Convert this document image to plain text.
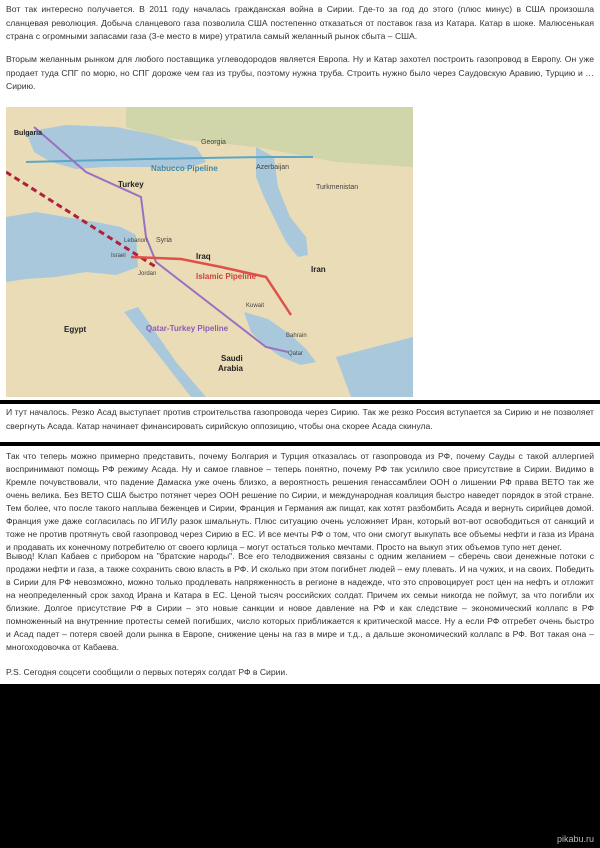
Вот так интересно получается. В 2011 году началась гражданская война в Сирии. Где-то за год до этого (плюс минус) в США произошла сланцевая революция. Добыча сланцевого газа позволила США постепенно отказаться от поставок газа из Катара. Катар в шоке. Малюсенькая страна с огромными запасами газа (3-е место в мире) утратила самый желанный рынок сбыта – США.

Вторым желанным рынком для любого поставщика углеводородов является Европа. Ну и Катар захотел построить газопровод в Европу. Он уже продает туда СПГ по морю, но СПГ дороже чем газ из трубы, поэтому нужна труба. Строить нужно было через Саудовскую Аравию, Турцию и … Сирию.

Bulgaria
Georgia
Nabucco Pipeline
Turkey
Azerbaijan
Turkmenistan
Syria
Lebanon
Iraq
Israel
Jordan	Iran
Islamic Pipeline
Kuwait
Egypt	Qatar-Turkey Pipeline
Bahrain
Qatar
Saudi
Arabia

И тут началось. Резко Асад выступает против строительства газопровода через Сирию. Так же резко Россия вступается за Сирию и не позволяет свергнуть Асада. Катар начинает финансировать сирийскую оппозицию, чтобы она скорее Асада скинула.

Так что теперь можно примерно представить, почему Болгария и Турция отказалась от газопровода из РФ, почему Сауды с такой аллергией воспринимают помощь РФ режиму Асада. Ну и самое главное – теперь понятно, почему РФ так усилило свое присутствие в Сирии. Видимо в Кремле почувствовали, что падение Дамаска уже очень близко, а вероятность решения генассамблеи ООН о лишении РФ права ВЕТО так же очень велика. Без ВЕТО США быстро потянет через ООН решение по Сирии, и международная коалиция быстро наведет порядок в этой стране. Тем более, что после такого наплыва беженцев и Сирии, Франция и Германия аж пищат, как хотят разбомбить Асада и вернуть сирийцев домой. Франция уже даже согласилась по ИГИЛу разок шмальнуть. Плюс ситуацию очень усложняет Иран, который вот-вот освободиться от санкций и тоже не против протянуть свой газопровод через Сирию в ЕС. И все мечты РФ о том, что они смогут выкупать все объемы нефти и газа из Ирана и продавать их конечному потребителю от своего юрлица – могут остаться только мечтами. Просто на выкуп этих объемов тупо нет денег.

Вывод! Клап Кабаев с прибором на "братские народы". Все его телодвижения связаны с одним желанием – сберечь свои денежные потоки с продажи нефти и газа, а также сохранить свою власть в РФ. И сколько при этом погибнет людей – ему плевать. И на чужих, и на своих. Победить в Сирии для РФ невозможно, можно только продлевать напряженность в регионе в надежде, что это спровоцирует рост цен на нефть и отложит на неопределенный срок заход Ирана и Катара в ЕС. Ценой тысяч российских солдат. Причем их семьи никогда не поймут, за что погибли их близкие. Долгое присутствие РФ в Сирии – это новые санкции и новое давление на РФ и как следствие – экономический коллапс в РФ помноженный на внутренние протесты семей погибших, число которых приближается к критической массе. Ну а если РФ отгребет очень быстро и Асад падет – потеря своей доли рынка в Европе, снижение цены на газ в мире и т.д., а дальше экономический коллапс в РФ. Вот такая она – многоходовочка от Кабаева.

P.S. Сегодня соцсети сообщили о первых потерях солдат РФ в Сирии.

pikabu.ru
